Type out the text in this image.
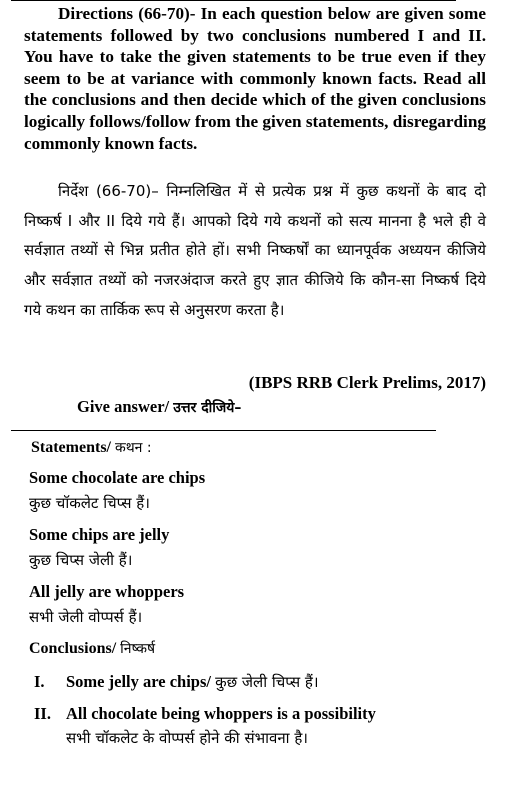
Directions (66-70)- In each question below are given some statements followed by two conclusions numbered I and II. You have to take the given statements to be true even if they seem to be at variance with commonly known facts. Read all the conclusions and then decide which of the given conclusions logically follows/follow from the given statements, disregarding commonly known facts.
निर्देश (66-70)– निम्नलिखित में से प्रत्येक प्रश्न में कुछ कथनों के बाद दो निष्कर्ष I और II दिये गये हैं। आपको दिये गये कथनों को सत्य मानना है भले ही वे सर्वज्ञात तथ्यों से भिन्न प्रतीत होते हों। सभी निष्कर्षों का ध्यानपूर्वक अध्ययन कीजिये और सर्वज्ञात तथ्यों को नजरअंदाज करते हुए ज्ञात कीजिये कि कौन-सा निष्कर्ष दिये गये कथन का तार्किक रूप से अनुसरण करता है।
(IBPS RRB Clerk Prelims, 2017)
Give answer/ उत्तर दीजिये–
Statements/ कथन :
Some chocolate are chips
कुछ चॉकलेट चिप्स हैं।
Some chips are jelly
कुछ चिप्स जेली हैं।
All jelly are whoppers
सभी जेली वोप्पर्स हैं।
Conclusions/ निष्कर्ष
I. Some jelly are chips/ कुछ जेली चिप्स हैं।
II. All chocolate being whoppers is a possibility
सभी चॉकलेट के वोप्पर्स होने की संभावना है।
